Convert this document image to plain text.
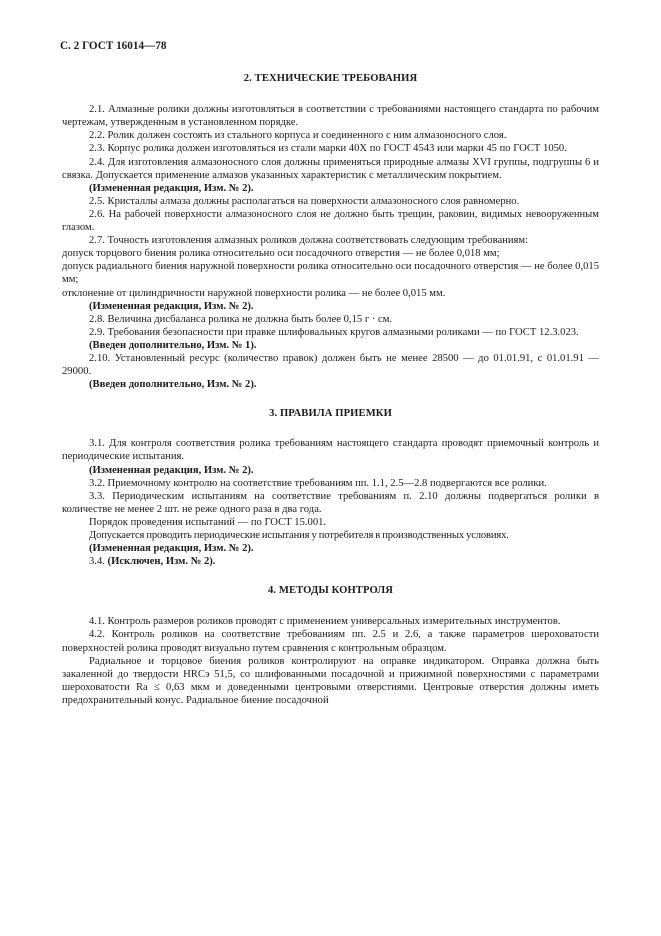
С. 2 ГОСТ 16014—78
2. ТЕХНИЧЕСКИЕ ТРЕБОВАНИЯ

2.1. Алмазные ролики должны изготовляться в соответствии с требованиями настоящего стандарта по рабочим чертежам, утвержденным в установленном порядке.

2.2. Ролик должен состоять из стального корпуса и соединенного с ним алмазоносного слоя.

2.3. Корпус ролика должен изготовляться из стали марки 40Х по ГОСТ 4543 или марки 45 по ГОСТ 1050.

2.4. Для изготовления алмазоносного слоя должны применяться природные алмазы XVI группы, подгруппы 6 и связка. Допускается применение алмазов указанных характеристик с металлическим покрытием.

(Измененная редакция, Изм. № 2).

2.5. Кристаллы алмаза должны располагаться на поверхности алмазоносного слоя равномерно.

2.6. На рабочей поверхности алмазоносного слоя не должно быть трещин, раковин, видимых невооруженным глазом.

2.7. Точность изготовления алмазных роликов должна соответствовать следующим требованиям:

допуск торцового биения ролика относительно оси посадочного отверстия — не более 0,018 мм;

допуск радиального биения наружной поверхности ролика относительно оси посадочного отверстия — не более 0,015 мм;

отклонение от цилиндричности наружной поверхности ролика — не более 0,015 мм.

(Измененная редакция, Изм. № 2).

2.8. Величина дисбаланса ролика не должна быть более 0,15 г · см.

2.9. Требования безопасности при правке шлифовальных кругов алмазными роликами — по ГОСТ 12.3.023.

(Введен дополнительно, Изм. № 1).

2.10. Установленный ресурс (количество правок) должен быть не менее 28500 — до 01.01.91, с 01.01.91 — 29000.

(Введен дополнительно, Изм. № 2).

3. ПРАВИЛА ПРИЕМКИ

3.1. Для контроля соответствия ролика требованиям настоящего стандарта проводят приемочный контроль и периодические испытания.

(Измененная редакция, Изм. № 2).

3.2. Приемочному контролю на соответствие требованиям пп. 1.1, 2.5—2.8 подвергаются все ролики.

3.3. Периодическим испытаниям на соответствие требованиям п. 2.10 должны подвергаться ролики в количестве не менее 2 шт. не реже одного раза в два года.

Порядок проведения испытаний — по ГОСТ 15.001.

Допускается проводить периодические испытания у потребителя в производственных условиях.

(Измененная редакция, Изм. № 2).

3.4. (Исключен, Изм. № 2).

4. МЕТОДЫ КОНТРОЛЯ

4.1. Контроль размеров роликов проводят с применением универсальных измерительных инструментов.

4.2. Контроль роликов на соответствие требованиям пп. 2.5 и 2.6, а также параметров шероховатости поверхностей ролика проводят визуально путем сравнения с контрольным образцом.

Радиальное и торцовое биения роликов контролируют на оправке индикатором. Оправка должна быть закаленной до твердости HRCэ 51,5, со шлифованными посадочной и прижимной поверхностями с параметрами шероховатости Ra ≤ 0,63 мкм и доведенными центровыми отверстиями. Центровые отверстия должны иметь предохранительный конус. Радиальное биение посадочной
